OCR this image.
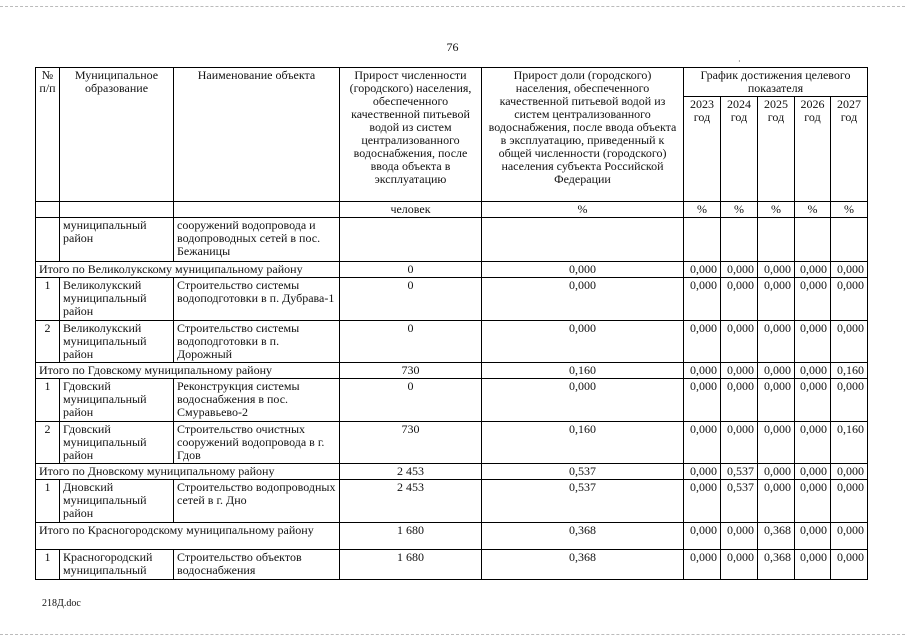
76
·
№ п/п	Муниципальное образование	Наименование объекта	Прирост численности (городского) населения, обеспеченного качественной питьевой водой из систем централизованного водоснабжения, после ввода объекта в эксплуатацию	Прирост доли (городского) населения, обеспеченного качественной питьевой водой из систем централизованного водоснабжения, после ввода объекта в эксплуатацию, приведенный к общей численности (городского) населения субъекта Российской Федерации	График достижения целевого показателя				
					2023 год	2024 год	2025 год	2026 год	2027 год
			человек	%	%	%	%	%	%
	муниципальный район	сооружений водопровода и водопроводных сетей в пос. Бежаницы							
Итого по Великолукскому муниципальному району			0	0,000	0,000	0,000	0,000	0,000	0,000
1	Великолукский муниципальный район	Строительство системы водоподготовки в п. Дубрава-1	0	0,000	0,000	0,000	0,000	0,000	0,000
2	Великолукский муниципальный район	Строительство системы водоподготовки в п. Дорожный	0	0,000	0,000	0,000	0,000	0,000	0,000
Итого по Гдовскому муниципальному району			730	0,160	0,000	0,000	0,000	0,000	0,160
1	Гдовский муниципальный район	Реконструкция системы водоснабжения в пос. Смуравьево-2	0	0,000	0,000	0,000	0,000	0,000	0,000
2	Гдовский муниципальный район	Строительство очистных сооружений водопровода в г. Гдов	730	0,160	0,000	0,000	0,000	0,000	0,160
Итого по Дновскому муниципальному району			2 453	0,537	0,000	0,537	0,000	0,000	0,000
1	Дновский муниципальный район	Строительство водопроводных сетей в г. Дно	2 453	0,537	0,000	0,537	0,000	0,000	0,000
Итого по Красногородскому муниципальному району			1 680	0,368	0,000	0,000	0,368	0,000	0,000
1	Красногородский муниципальный	Строительство объектов водоснабжения	1 680	0,368	0,000	0,000	0,368	0,000	0,000
218Д.doc
